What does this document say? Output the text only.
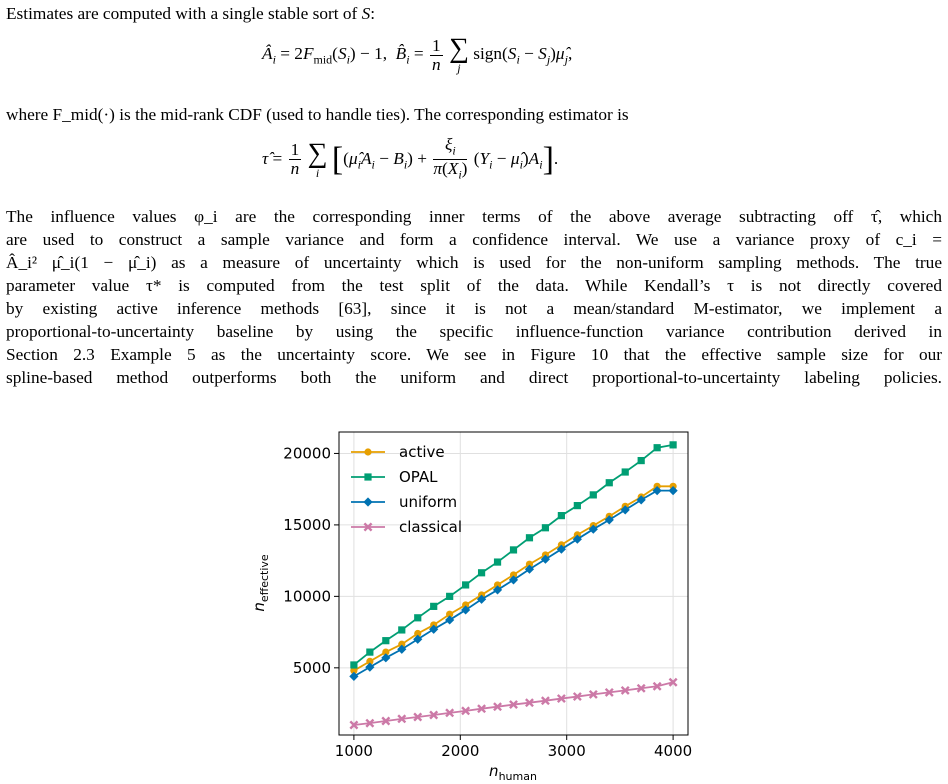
Estimates are computed with a single stable sort of S:
$Â_i = 2F_{mid}(S_i) - 1$,  $B̂_i = \frac{1}{n}$ ∑
j
$sign(S_i$ − $S_j)\mû_j$,
where F_mid(·) is the mid-rank CDF (used to handle ties). The corresponding estimator is
τ̂ = $\frac{1}{n}$ ∑
i [$(\mû_iA_i - B_i) + \frac{\xi_i}{\pi(X_i)} (Y_i$ − $\mû_i)A_i$].
The influence values φ_i are the corresponding inner terms of the above average subtracting off τ̂, which
are used to construct a sample variance and form a confidence interval. We use a variance proxy of c_i =
Â_i² μ̂_i(1 − μ̂_i) as a measure of uncertainty which is used for the non-uniform sampling methods. The true
parameter value τ* is computed from the test split of the data. While Kendall’s τ is not directly covered
by existing active inference methods [63], since it is not a mean/standard M-estimator, we implement a
proportional-to-uncertainty baseline by using the specific influence-function variance contribution derived in
Section 2.3 Example 5 as the uncertainty score. We see in Figure 10 that the effective sample size for our
spline-based method outperforms both the uniform and direct proportional-to-uncertainty labeling policies.
1000	2000	3000	4000
5000
10000
15000
20000	active
OPAL
uniform
classical
$n_{human}$
$n_{effective}$
